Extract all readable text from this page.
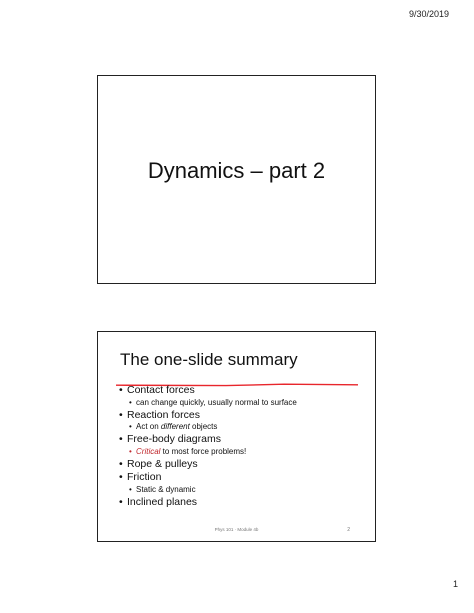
9/30/2019
Dynamics – part 2
The one-slide summary
• Contact forces
• can change quickly, usually normal to surface
• Reaction forces
• Act on different objects
• Free-body diagrams
• Critical to most force problems!
• Rope & pulleys
• Friction
• Static & dynamic
• Inclined planes
Phys 101 · Module 4b	2
1
